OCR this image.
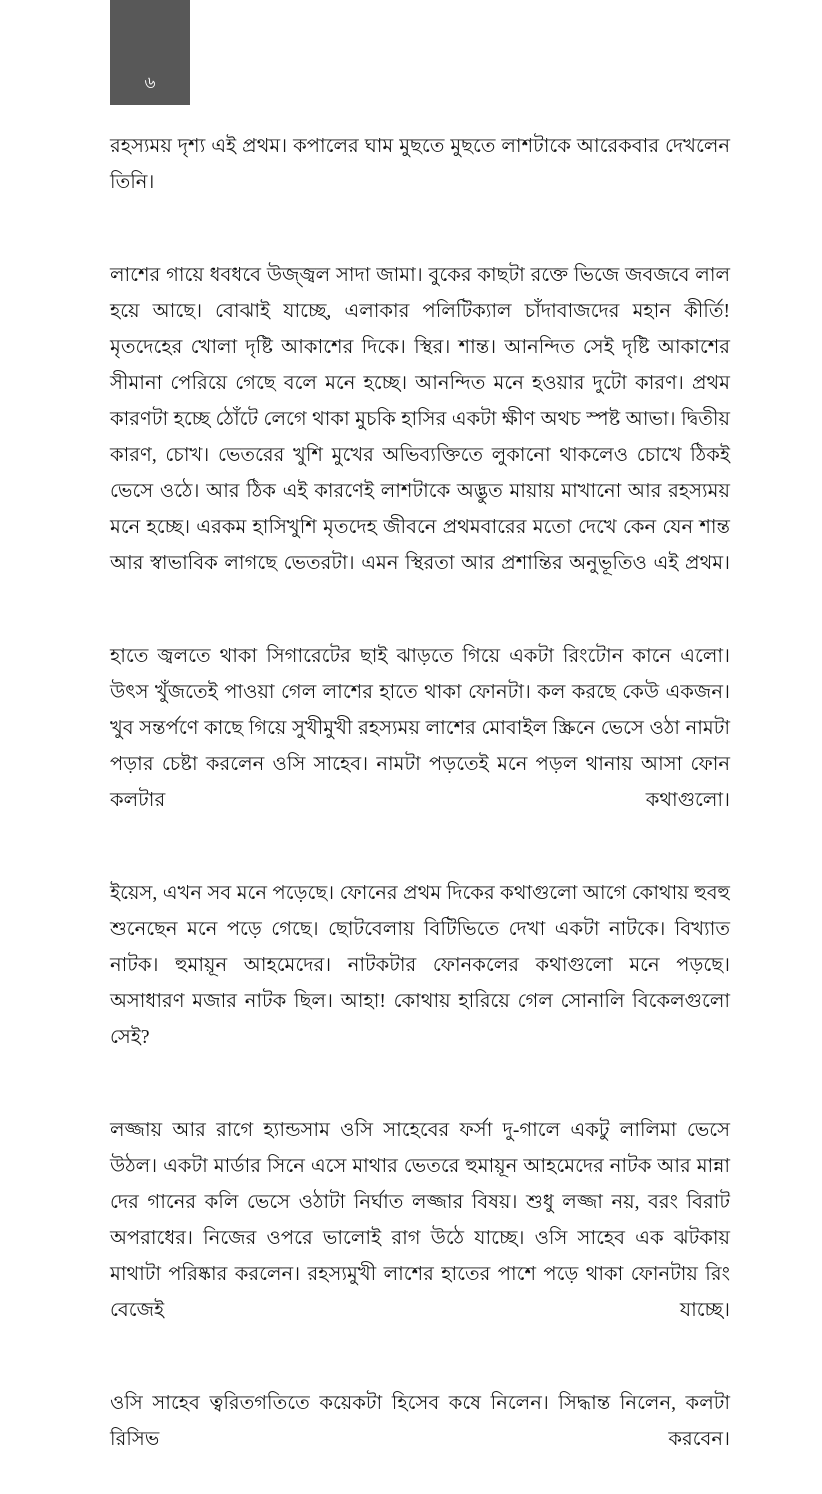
৬

রহস্যময় দৃশ্য এই প্রথম। কপালের ঘাম মুছতে মুছতে লাশটাকে আরেকবার দেখলেন তিনি।

লাশের গায়ে ধবধবে উজ্জ্বল সাদা জামা। বুকের কাছটা রক্তে ভিজে জবজবে লাল হয়ে আছে। বোঝাই যাচ্ছে, এলাকার পলিটিক্যাল চাঁদাবাজদের মহান কীর্তি! মৃতদেহের খোলা দৃষ্টি আকাশের দিকে। স্থির। শান্ত। আনন্দিত সেই দৃষ্টি আকাশের সীমানা পেরিয়ে গেছে বলে মনে হচ্ছে। আনন্দিত মনে হওয়ার দুটো কারণ। প্রথম কারণটা হচ্ছে ঠোঁটে লেগে থাকা মুচকি হাসির একটা ক্ষীণ অথচ স্পষ্ট আভা। দ্বিতীয় কারণ, চোখ। ভেতরের খুশি মুখের অভিব্যক্তিতে লুকানো থাকলেও চোখে ঠিকই ভেসে ওঠে। আর ঠিক এই কারণেই লাশটাকে অদ্ভুত মায়ায় মাখানো আর রহস্যময় মনে হচ্ছে। এরকম হাসিখুশি মৃতদেহ জীবনে প্রথমবারের মতো দেখে কেন যেন শান্ত আর স্বাভাবিক লাগছে ভেতরটা। এমন স্থিরতা আর প্রশান্তির অনুভূতিও এই প্রথম।

হাতে জ্বলতে থাকা সিগারেটের ছাই ঝাড়তে গিয়ে একটা রিংটোন কানে এলো। উৎস খুঁজতেই পাওয়া গেল লাশের হাতে থাকা ফোনটা। কল করছে কেউ একজন। খুব সন্তর্পণে কাছে গিয়ে সুখীমুখী রহস্যময় লাশের মোবাইল স্ক্রিনে ভেসে ওঠা নামটা পড়ার চেষ্টা করলেন ওসি সাহেব। নামটা পড়তেই মনে পড়ল থানায় আসা ফোন কলটার কথাগুলো।

ইয়েস, এখন সব মনে পড়েছে। ফোনের প্রথম দিকের কথাগুলো আগে কোথায় হুবহু শুনেছেন মনে পড়ে গেছে। ছোটবেলায় বিটিভিতে দেখা একটা নাটকে। বিখ্যাত নাটক। হুমায়ূন আহমেদের। নাটকটার ফোনকলের কথাগুলো মনে পড়ছে। অসাধারণ মজার নাটক ছিল। আহা! কোথায় হারিয়ে গেল সোনালি বিকেলগুলো সেই?

লজ্জায় আর রাগে হ্যান্ডসাম ওসি সাহেবের ফর্সা দু-গালে একটু লালিমা ভেসে উঠল। একটা মার্ডার সিনে এসে মাথার ভেতরে হুমায়ূন আহমেদের নাটক আর মান্না দের গানের কলি ভেসে ওঠাটা নির্ঘাত লজ্জার বিষয়। শুধু লজ্জা নয়, বরং বিরাট অপরাধের। নিজের ওপরে ভালোই রাগ উঠে যাচ্ছে। ওসি সাহেব এক ঝটকায় মাথাটা পরিষ্কার করলেন। রহস্যমুখী লাশের হাতের পাশে পড়ে থাকা ফোনটায় রিং বেজেই যাচ্ছে।

ওসি সাহেব ত্বরিতগতিতে কয়েকটা হিসেব কষে নিলেন। সিদ্ধান্ত নিলেন, কলটা রিসিভ করবেন।
